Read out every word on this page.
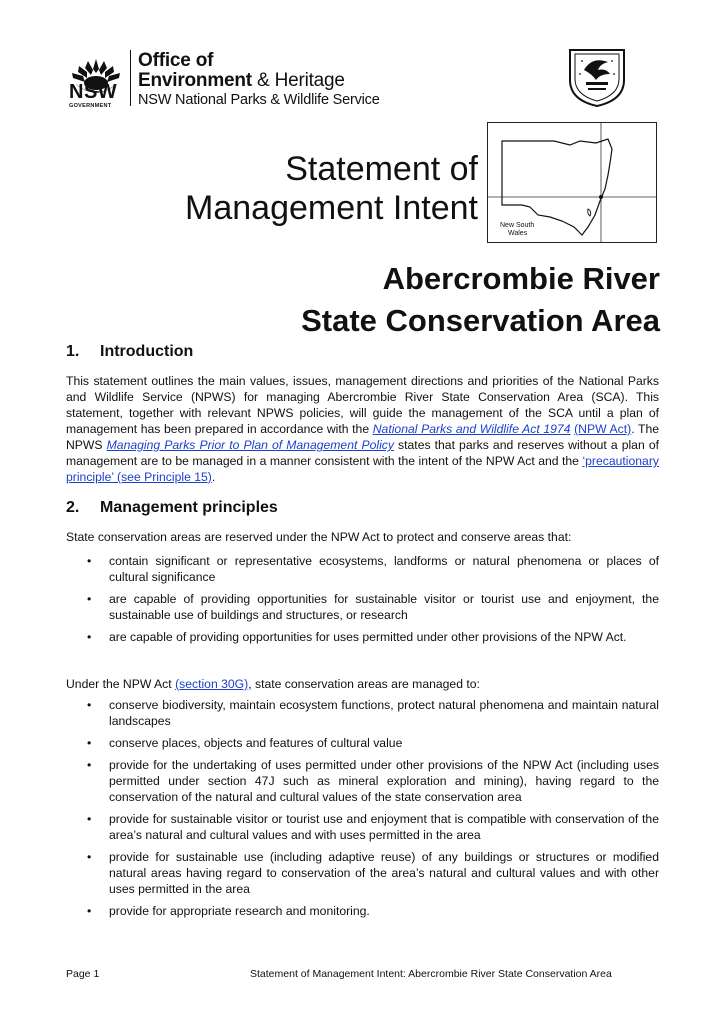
NSW
GOVERNMENT
Office of
Environment & Heritage
NSW National Parks & Wildlife Service
New South
Wales
Statement of
Management Intent
Abercrombie River
State Conservation Area
1. Introduction
This statement outlines the main values, issues, management directions and priorities of the National Parks and Wildlife Service (NPWS) for managing Abercrombie River State Conservation Area (SCA). This statement, together with relevant NPWS policies, will guide the management of the SCA until a plan of management has been prepared in accordance with the National Parks and Wildlife Act 1974 (NPW Act). The NPWS Managing Parks Prior to Plan of Management Policy states that parks and reserves without a plan of management are to be managed in a manner consistent with the intent of the NPW Act and the ‘precautionary principle’ (see Principle 15).
2. Management principles
State conservation areas are reserved under the NPW Act to protect and conserve areas that:
• contain significant or representative ecosystems, landforms or natural phenomena or places of cultural significance
• are capable of providing opportunities for sustainable visitor or tourist use and enjoyment, the sustainable use of buildings and structures, or research
• are capable of providing opportunities for uses permitted under other provisions of the NPW Act.
Under the NPW Act (section 30G), state conservation areas are managed to:
• conserve biodiversity, maintain ecosystem functions, protect natural phenomena and maintain natural landscapes
• conserve places, objects and features of cultural value
• provide for the undertaking of uses permitted under other provisions of the NPW Act (including uses permitted under section 47J such as mineral exploration and mining), having regard to the conservation of the natural and cultural values of the state conservation area
• provide for sustainable visitor or tourist use and enjoyment that is compatible with conservation of the area’s natural and cultural values and with uses permitted in the area
• provide for sustainable use (including adaptive reuse) of any buildings or structures or modified natural areas having regard to conservation of the area’s natural and cultural values and with other uses permitted in the area
• provide for appropriate research and monitoring.
Page 1	Statement of Management Intent: Abercrombie River State Conservation Area
